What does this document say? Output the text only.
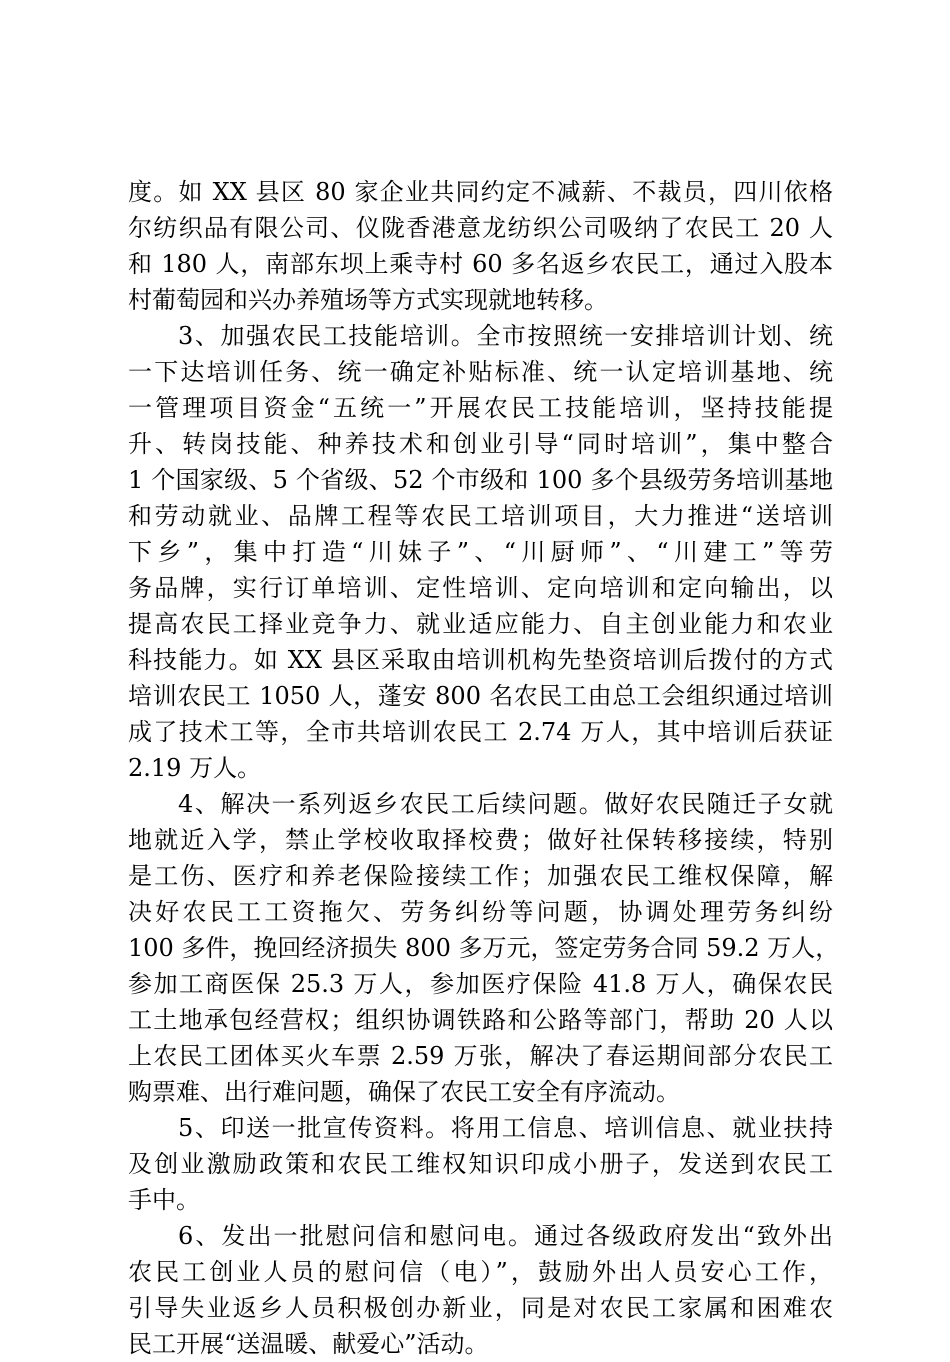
度。如 XX 县区 80 家企业共同约定不减薪、不裁员，四川依格
尔纺织品有限公司、仪陇香港意龙纺织公司吸纳了农民工 20 人
和 180 人，南部东坝上乘寺村 60 多名返乡农民工，通过入股本
村葡萄园和兴办养殖场等方式实现就地转移。
3、加强农民工技能培训。全市按照统一安排培训计划、统
一下达培训任务、统一确定补贴标准、统一认定培训基地、统
一管理项目资金“五统一”开展农民工技能培训，坚持技能提
升、转岗技能、种养技术和创业引导“同时培训”，集中整合
1 个国家级、5 个省级、52 个市级和 100 多个县级劳务培训基地
和劳动就业、品牌工程等农民工培训项目，大力推进“送培训
下乡”，集中打造“川妹子”、“川厨师”、“川建工”等劳
务品牌，实行订单培训、定性培训、定向培训和定向输出，以
提高农民工择业竞争力、就业适应能力、自主创业能力和农业
科技能力。如 XX 县区采取由培训机构先垫资培训后拨付的方式
培训农民工 1050 人，蓬安 800 名农民工由总工会组织通过培训
成了技术工等，全市共培训农民工 2.74 万人，其中培训后获证
2.19 万人。
4、解决一系列返乡农民工后续问题。做好农民随迁子女就
地就近入学，禁止学校收取择校费；做好社保转移接续，特别
是工伤、医疗和养老保险接续工作；加强农民工维权保障，解
决好农民工工资拖欠、劳务纠纷等问题，协调处理劳务纠纷
100 多件，挽回经济损失 800 多万元，签定劳务合同 59.2 万人，
参加工商医保 25.3 万人，参加医疗保险 41.8 万人，确保农民
工土地承包经营权；组织协调铁路和公路等部门，帮助 20 人以
上农民工团体买火车票 2.59 万张，解决了春运期间部分农民工
购票难、出行难问题，确保了农民工安全有序流动。
5、印送一批宣传资料。将用工信息、培训信息、就业扶持
及创业激励政策和农民工维权知识印成小册子，发送到农民工
手中。
6、发出一批慰问信和慰问电。通过各级政府发出“致外出
农民工创业人员的慰问信（电）”，鼓励外出人员安心工作，
引导失业返乡人员积极创办新业，同是对农民工家属和困难农
民工开展“送温暖、献爱心”活动。
